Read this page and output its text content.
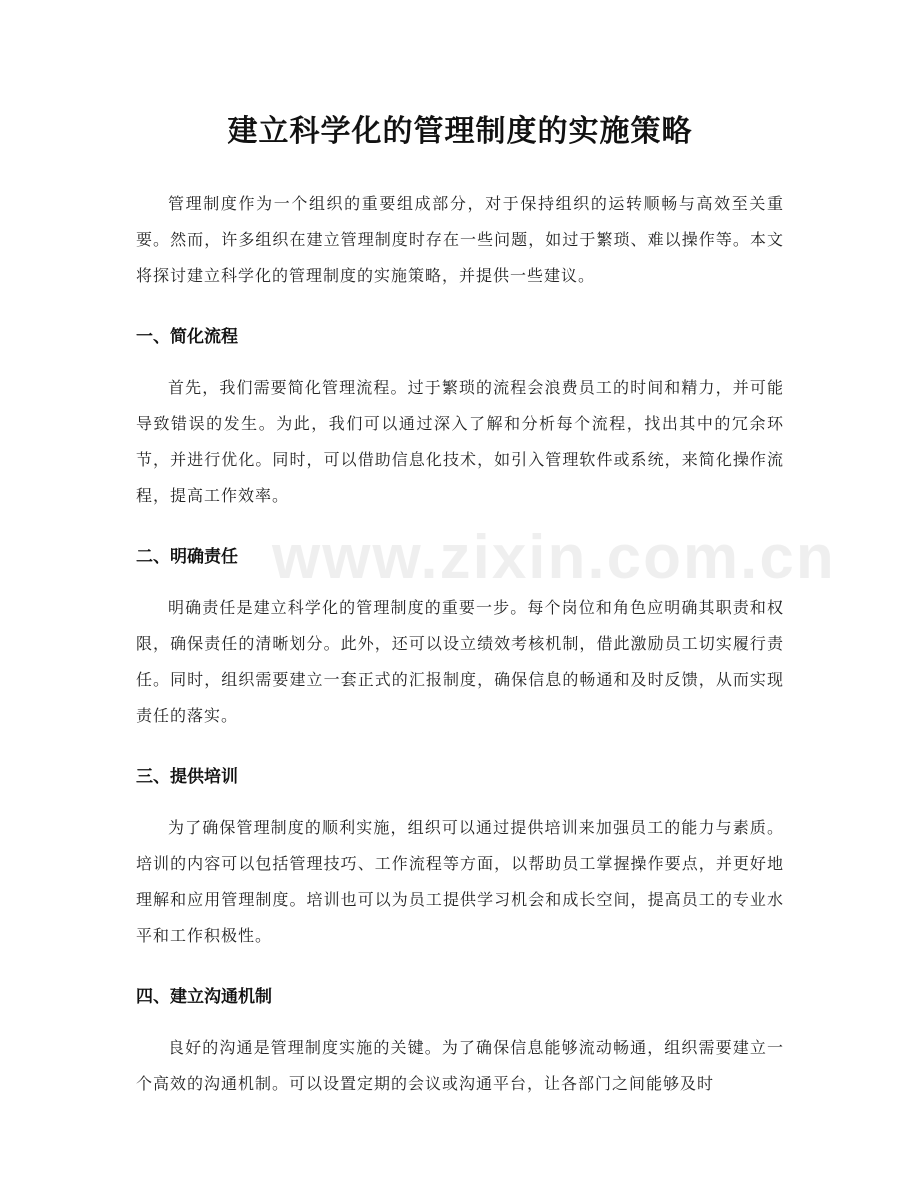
建立科学化的管理制度的实施策略

管理制度作为一个组织的重要组成部分，对于保持组织的运转顺畅与高效至关重要。然而，许多组织在建立管理制度时存在一些问题，如过于繁琐、难以操作等。本文将探讨建立科学化的管理制度的实施策略，并提供一些建议。

一、简化流程

首先，我们需要简化管理流程。过于繁琐的流程会浪费员工的时间和精力，并可能导致错误的发生。为此，我们可以通过深入了解和分析每个流程，找出其中的冗余环节，并进行优化。同时，可以借助信息化技术，如引入管理软件或系统，来简化操作流程，提高工作效率。

二、明确责任

明确责任是建立科学化的管理制度的重要一步。每个岗位和角色应明确其职责和权限，确保责任的清晰划分。此外，还可以设立绩效考核机制，借此激励员工切实履行责任。同时，组织需要建立一套正式的汇报制度，确保信息的畅通和及时反馈，从而实现责任的落实。

三、提供培训

为了确保管理制度的顺利实施，组织可以通过提供培训来加强员工的能力与素质。培训的内容可以包括管理技巧、工作流程等方面，以帮助员工掌握操作要点，并更好地理解和应用管理制度。培训也可以为员工提供学习机会和成长空间，提高员工的专业水平和工作积极性。

四、建立沟通机制

良好的沟通是管理制度实施的关键。为了确保信息能够流动畅通，组织需要建立一个高效的沟通机制。可以设置定期的会议或沟通平台，让各部门之间能够及时

www.zixin.com.cn
